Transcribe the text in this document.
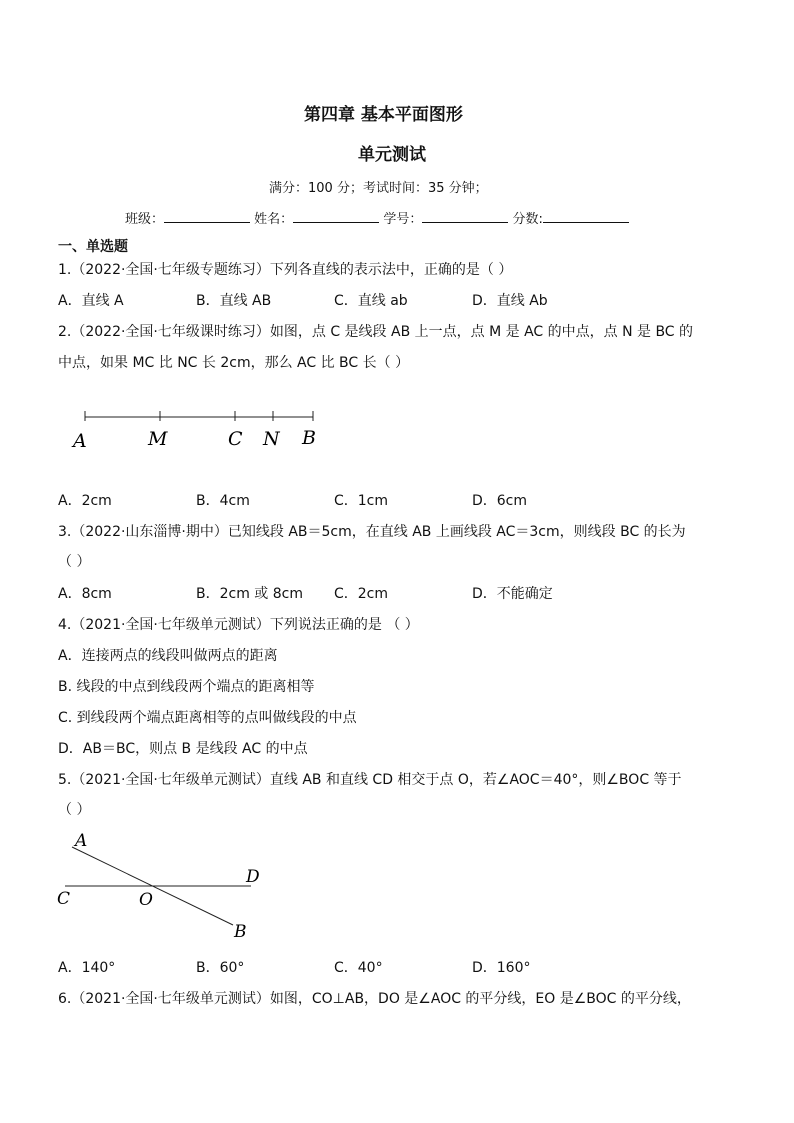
第四章 基本平面图形
单元测试
满分：100 分；考试时间：35 分钟；
班级：	姓名：	学号：	分数:
一、单选题
1.（2022·全国·七年级专题练习）下列各直线的表示法中，正确的是（ ）
A．直线 A	B．直线 AB	C．直线 ab	D．直线 Ab
2.（2022·全国·七年级课时练习）如图，点 C 是线段 AB 上一点，点 M 是 AC 的中点，点 N 是 BC 的
中点，如果 MC 比 NC 长 2cm，那么 AC 比 BC 长（ ）
A	M	C N B
A．2cm	B．4cm	C．1cm	D．6cm
3.（2022·山东淄博·期中）已知线段 AB＝5cm，在直线 AB 上画线段 AC＝3cm，则线段 BC 的长为
（ ）
A．8cm	B．2cm 或 8cm C．2cm	D．不能确定
4.（2021·全国·七年级单元测试）下列说法正确的是 （ ）
A．连接两点的线段叫做两点的距离
B. 线段的中点到线段两个端点的距离相等
C. 到线段两个端点距离相等的点叫做线段的中点
D．AB＝BC，则点 B 是线段 AC 的中点
5.（2021·全国·七年级单元测试）直线 AB 和直线 CD 相交于点 O，若∠AOC＝40°，则∠BOC 等于
（ ）
A
D
C	O
B
A．140°	B．60°	C．40°	D．160°
6.（2021·全国·七年级单元测试）如图，CO⊥AB，DO 是∠AOC 的平分线，EO 是∠BOC 的平分线，
